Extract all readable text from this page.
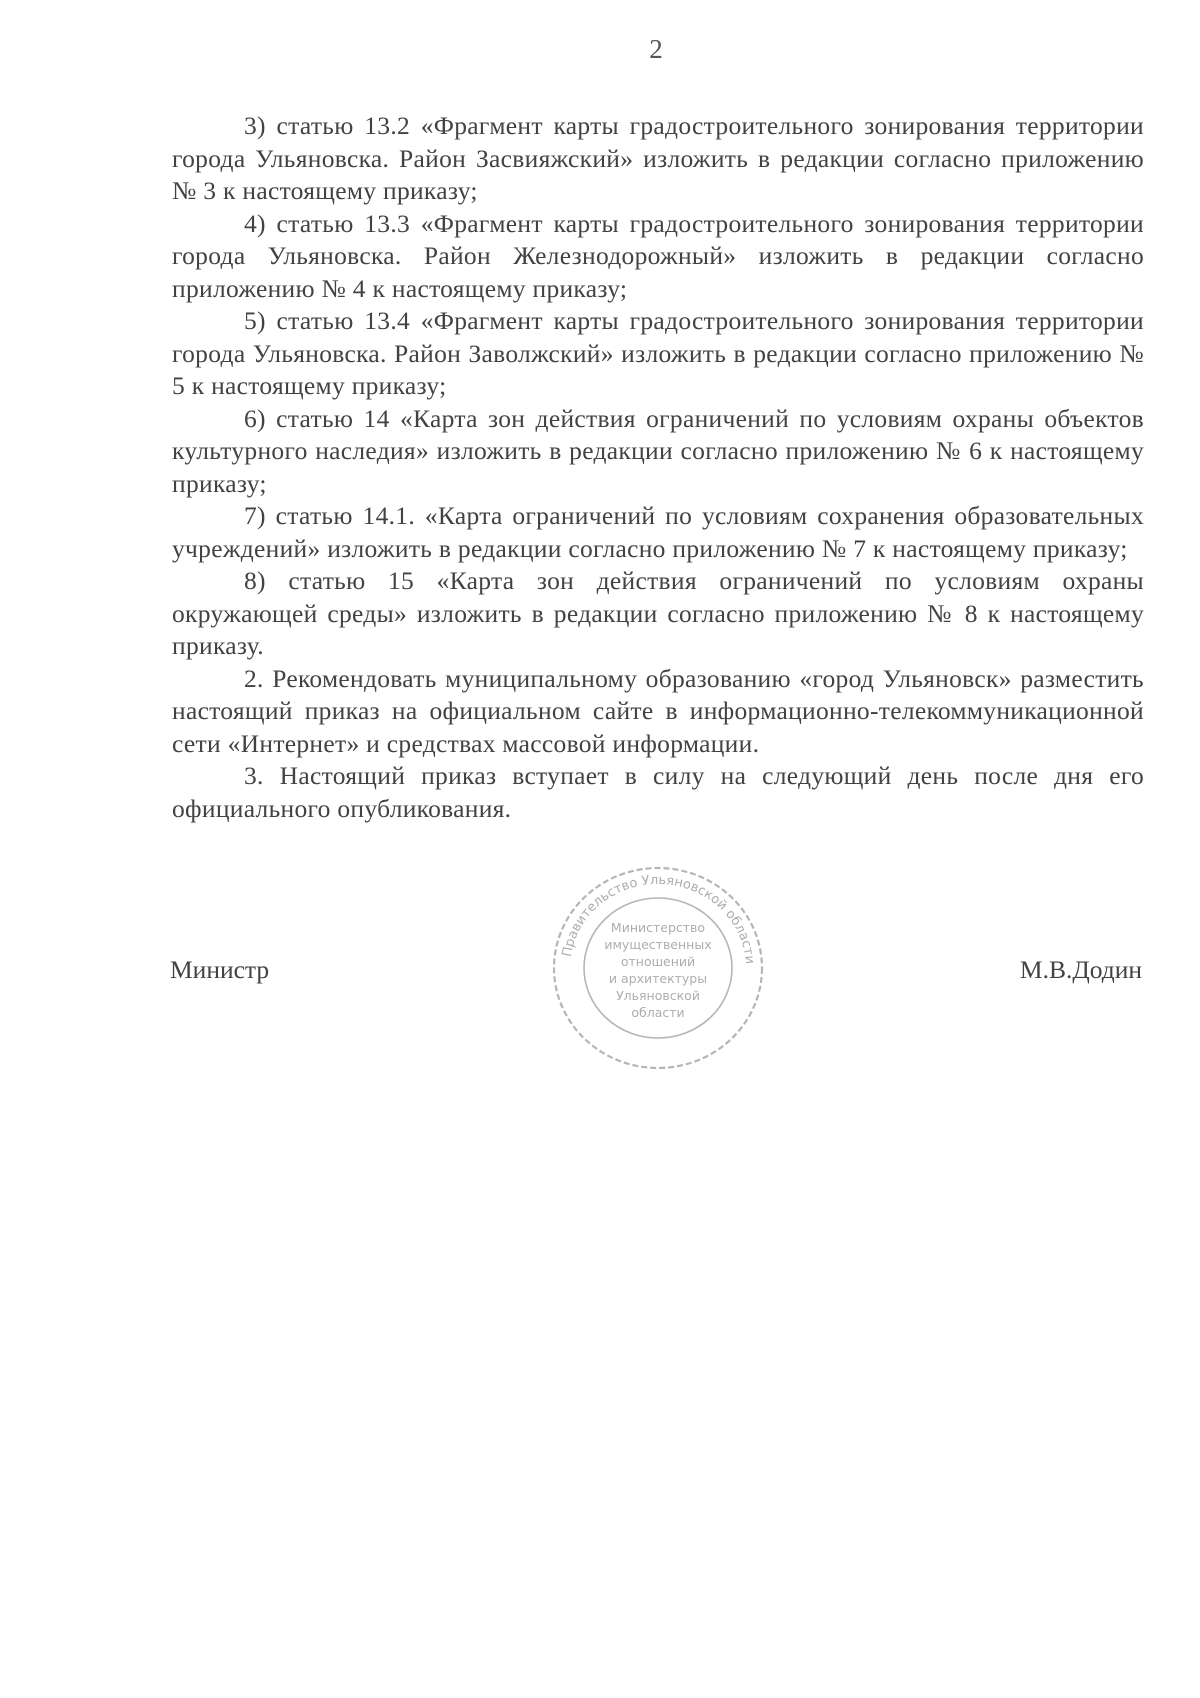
2

3) статью 13.2 «Фрагмент карты градостроительного зонирования территории города Ульяновска. Район Засвияжский» изложить в редакции согласно приложению № 3 к настоящему приказу;

4) статью 13.3 «Фрагмент карты градостроительного зонирования территории города Ульяновска. Район Железнодорожный» изложить в редакции согласно приложению № 4 к настоящему приказу;

5) статью 13.4 «Фрагмент карты градостроительного зонирования территории города Ульяновска. Район Заволжский» изложить в редакции согласно приложению № 5 к настоящему приказу;

6) статью 14 «Карта зон действия ограничений по условиям охраны объектов культурного наследия» изложить в редакции согласно приложению № 6 к настоящему приказу;

7) статью 14.1. «Карта ограничений по условиям сохранения образовательных учреждений» изложить в редакции согласно приложению № 7 к настоящему приказу;

8) статью 15 «Карта зон действия ограничений по условиям охраны окружающей среды» изложить в редакции согласно приложению № 8 к настоящему приказу.

2. Рекомендовать муниципальному образованию «город Ульяновск» разместить настоящий приказ на официальном сайте в информационно-телекоммуникационной сети «Интернет» и средствах массовой информации.

3. Настоящий приказ вступает в силу на следующий день после дня его официального опубликования.

Правительство Ульяновской области
Министерство
имущественных
отношений
и архитектуры
Ульяновской
области
Министр	М.В.Додин
